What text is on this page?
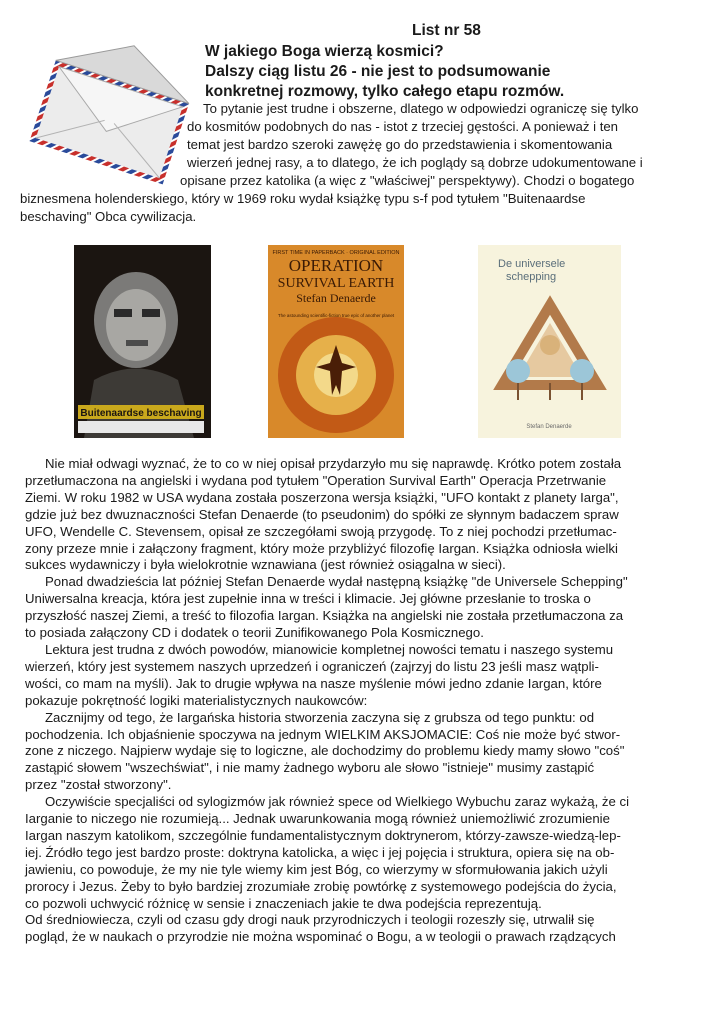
List nr 58
W jakiego Boga wierzą kosmici?
Dalszy ciąg listu 26 - nie jest to podsumowanie
konkretnej rozmowy, tylko całego etapu rozmów.
To pytanie jest trudne i obszerne, dlatego w odpowiedzi ograniczę się tylko
do kosmitów podobnych do nas - istot z trzeciej gęstości. A ponieważ i ten
temat jest bardzo szeroki zawężę go do przedstawienia i skomentowania
wierzeń jednej rasy, a to dlatego, że ich poglądy są dobrze udokumentowane i
opisane przez katolika (a więc z "właściwej" perspektywy). Chodzi o bogatego
biznesmena holenderskiego, który w 1969 roku wydał książkę typu s-f pod tytułem "Buitenaardse
beschaving" Obca cywilizacja.
Buitenaardse beschaving
FIRST TIME IN PAPERBACK · ORIGINAL EDITION
OPERATION
SURVIVAL EARTH
Stefan Denaerde
The astounding scientific-fiction true epic of another planet
De universele
schepping
Stefan Denaerde
Nie miał odwagi wyznać, że to co w niej opisał przydarzyło mu się naprawdę. Krótko potem została
przetłumaczona na angielski i wydana pod tytułem "Operation Survival Earth" Operacja Przetrwanie
Ziemi. W roku 1982 w USA wydana została poszerzona wersja książki, "UFO kontakt z planety Iarga",
gdzie już bez dwuznaczności Stefan Denaerde (to pseudonim) do spółki ze słynnym badaczem spraw
UFO, Wendelle C. Stevensem, opisał ze szczegółami swoją przygodę. To z niej pochodzi przetłumac-
zony przeze mnie i załączony fragment, który może przybliżyć filozofię Iargan. Książka odniosła wielki
sukces wydawniczy i była wielokrotnie wznawiana (jest również osiągalna w sieci).
Ponad dwadzieścia lat później Stefan Denaerde wydał następną książkę "de Universele Schepping"
Uniwersalna kreacja, która jest zupełnie inna w treści i klimacie. Jej główne przesłanie to troska o
przyszłość naszej Ziemi, a treść to filozofia Iargan. Książka na angielski nie została przetłumaczona za
to posiada załączony CD i dodatek o teorii Zunifikowanego Pola Kosmicznego.
Lektura jest trudna z dwóch powodów, mianowicie kompletnej nowości tematu i naszego systemu
wierzeń, który jest systemem naszych uprzedzeń i ograniczeń (zajrzyj do listu 23 jeśli masz wątpli-
wości, co mam na myśli). Jak to drugie wpływa na nasze myślenie mówi jedno zdanie Iargan, które
pokazuje pokrętność logiki materialistycznych naukowców:
Zacznijmy od tego, że Iargańska historia stworzenia zaczyna się z grubsza od tego punktu: od
pochodzenia. Ich objaśnienie spoczywa na jednym WIELKIM AKSJOMACIE: Coś nie może być stwor-
zone z niczego. Najpierw wydaje się to logiczne, ale dochodzimy do problemu kiedy mamy słowo "coś"
zastąpić słowem "wszechświat", i nie mamy żadnego wyboru ale słowo "istnieje" musimy zastąpić
przez "został stworzony".
Oczywiście specjaliści od sylogizmów jak również spece od Wielkiego Wybuchu zaraz wykażą, że ci
Iarganie to niczego nie rozumieją... Jednak uwarunkowania mogą również uniemożliwić zrozumienie
Iargan naszym katolikom, szczególnie fundamentalistycznym doktrynerom, którzy-zawsze-wiedzą-lep-
iej. Źródło tego jest bardzo proste: doktryna katolicka, a więc i jej pojęcia i struktura, opiera się na ob-
jawieniu, co powoduje, że my nie tyle wiemy kim jest Bóg, co wierzymy w sformułowania jakich użyli
prorocy i Jezus. Żeby to było bardziej zrozumiałe zrobię powtórkę z systemowego podejścia do życia,
co pozwoli uchwycić różnicę w sensie i znaczeniach jakie te dwa podejścia reprezentują.
Od średniowiecza, czyli od czasu gdy drogi nauk przyrodniczych i teologii rozeszły się, utrwalił się
pogląd, że w naukach o przyrodzie nie można wspominać o Bogu, a w teologii o prawach rządzących
